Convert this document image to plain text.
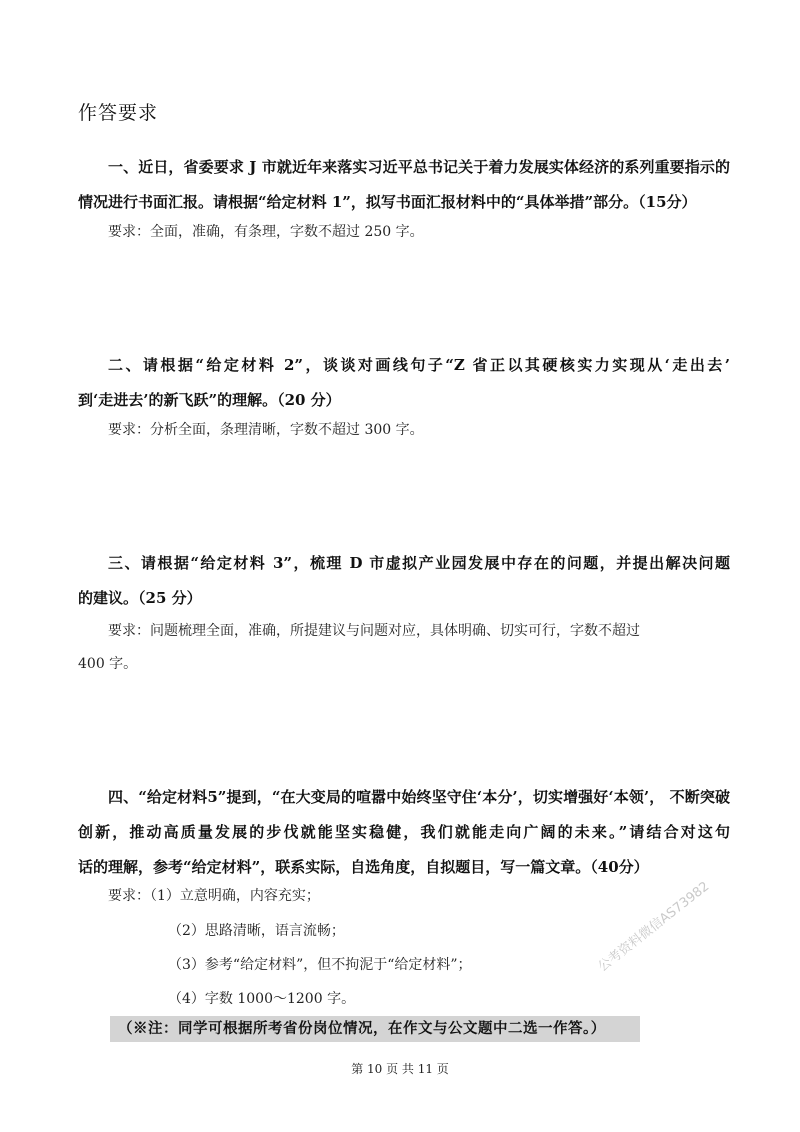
作答要求
一、近日，省委要求 J 市就近年来落实习近平总书记关于着力发展实体经济的系列重要指示的
情况进行书面汇报。请根据“给定材料 1”，拟写书面汇报材料中的“具体举措”部分。（15分）
要求：全面，准确，有条理，字数不超过 250 字。
二、请根据“给定材料 2”，谈谈对画线句子“Z 省正以其硬核实力实现从‘走出去’
到‘走进去’的新飞跃”的理解。（20 分）
要求：分析全面，条理清晰，字数不超过 300 字。
三、请根据“给定材料 3”，梳理 D 市虚拟产业园发展中存在的问题，并提出解决问题
的建议。（25 分）
要求：问题梳理全面，准确，所提建议与问题对应，具体明确、切实可行，字数不超过
400 字。
四、“给定材料5”提到，“在大变局的喧嚣中始终坚守住‘本分’，切实增强好‘本领’， 不断突破创新，推动高质量发展的步伐就能坚实稳健，我们就能走向广阔的未来。”请结合对这句
话的理解，参考“给定材料”，联系实际，自选角度，自拟题目，写一篇文章。（40分）
要求：（1）立意明确，内容充实；
（2）思路清晰，语言流畅；
（3）参考“给定材料”，但不拘泥于“给定材料”；
（4）字数 1000～1200 字。
（※注：同学可根据所考省份岗位情况，在作文与公文题中二选一作答。）
公考资料微信AS73982
第 10 页 共 11 页
